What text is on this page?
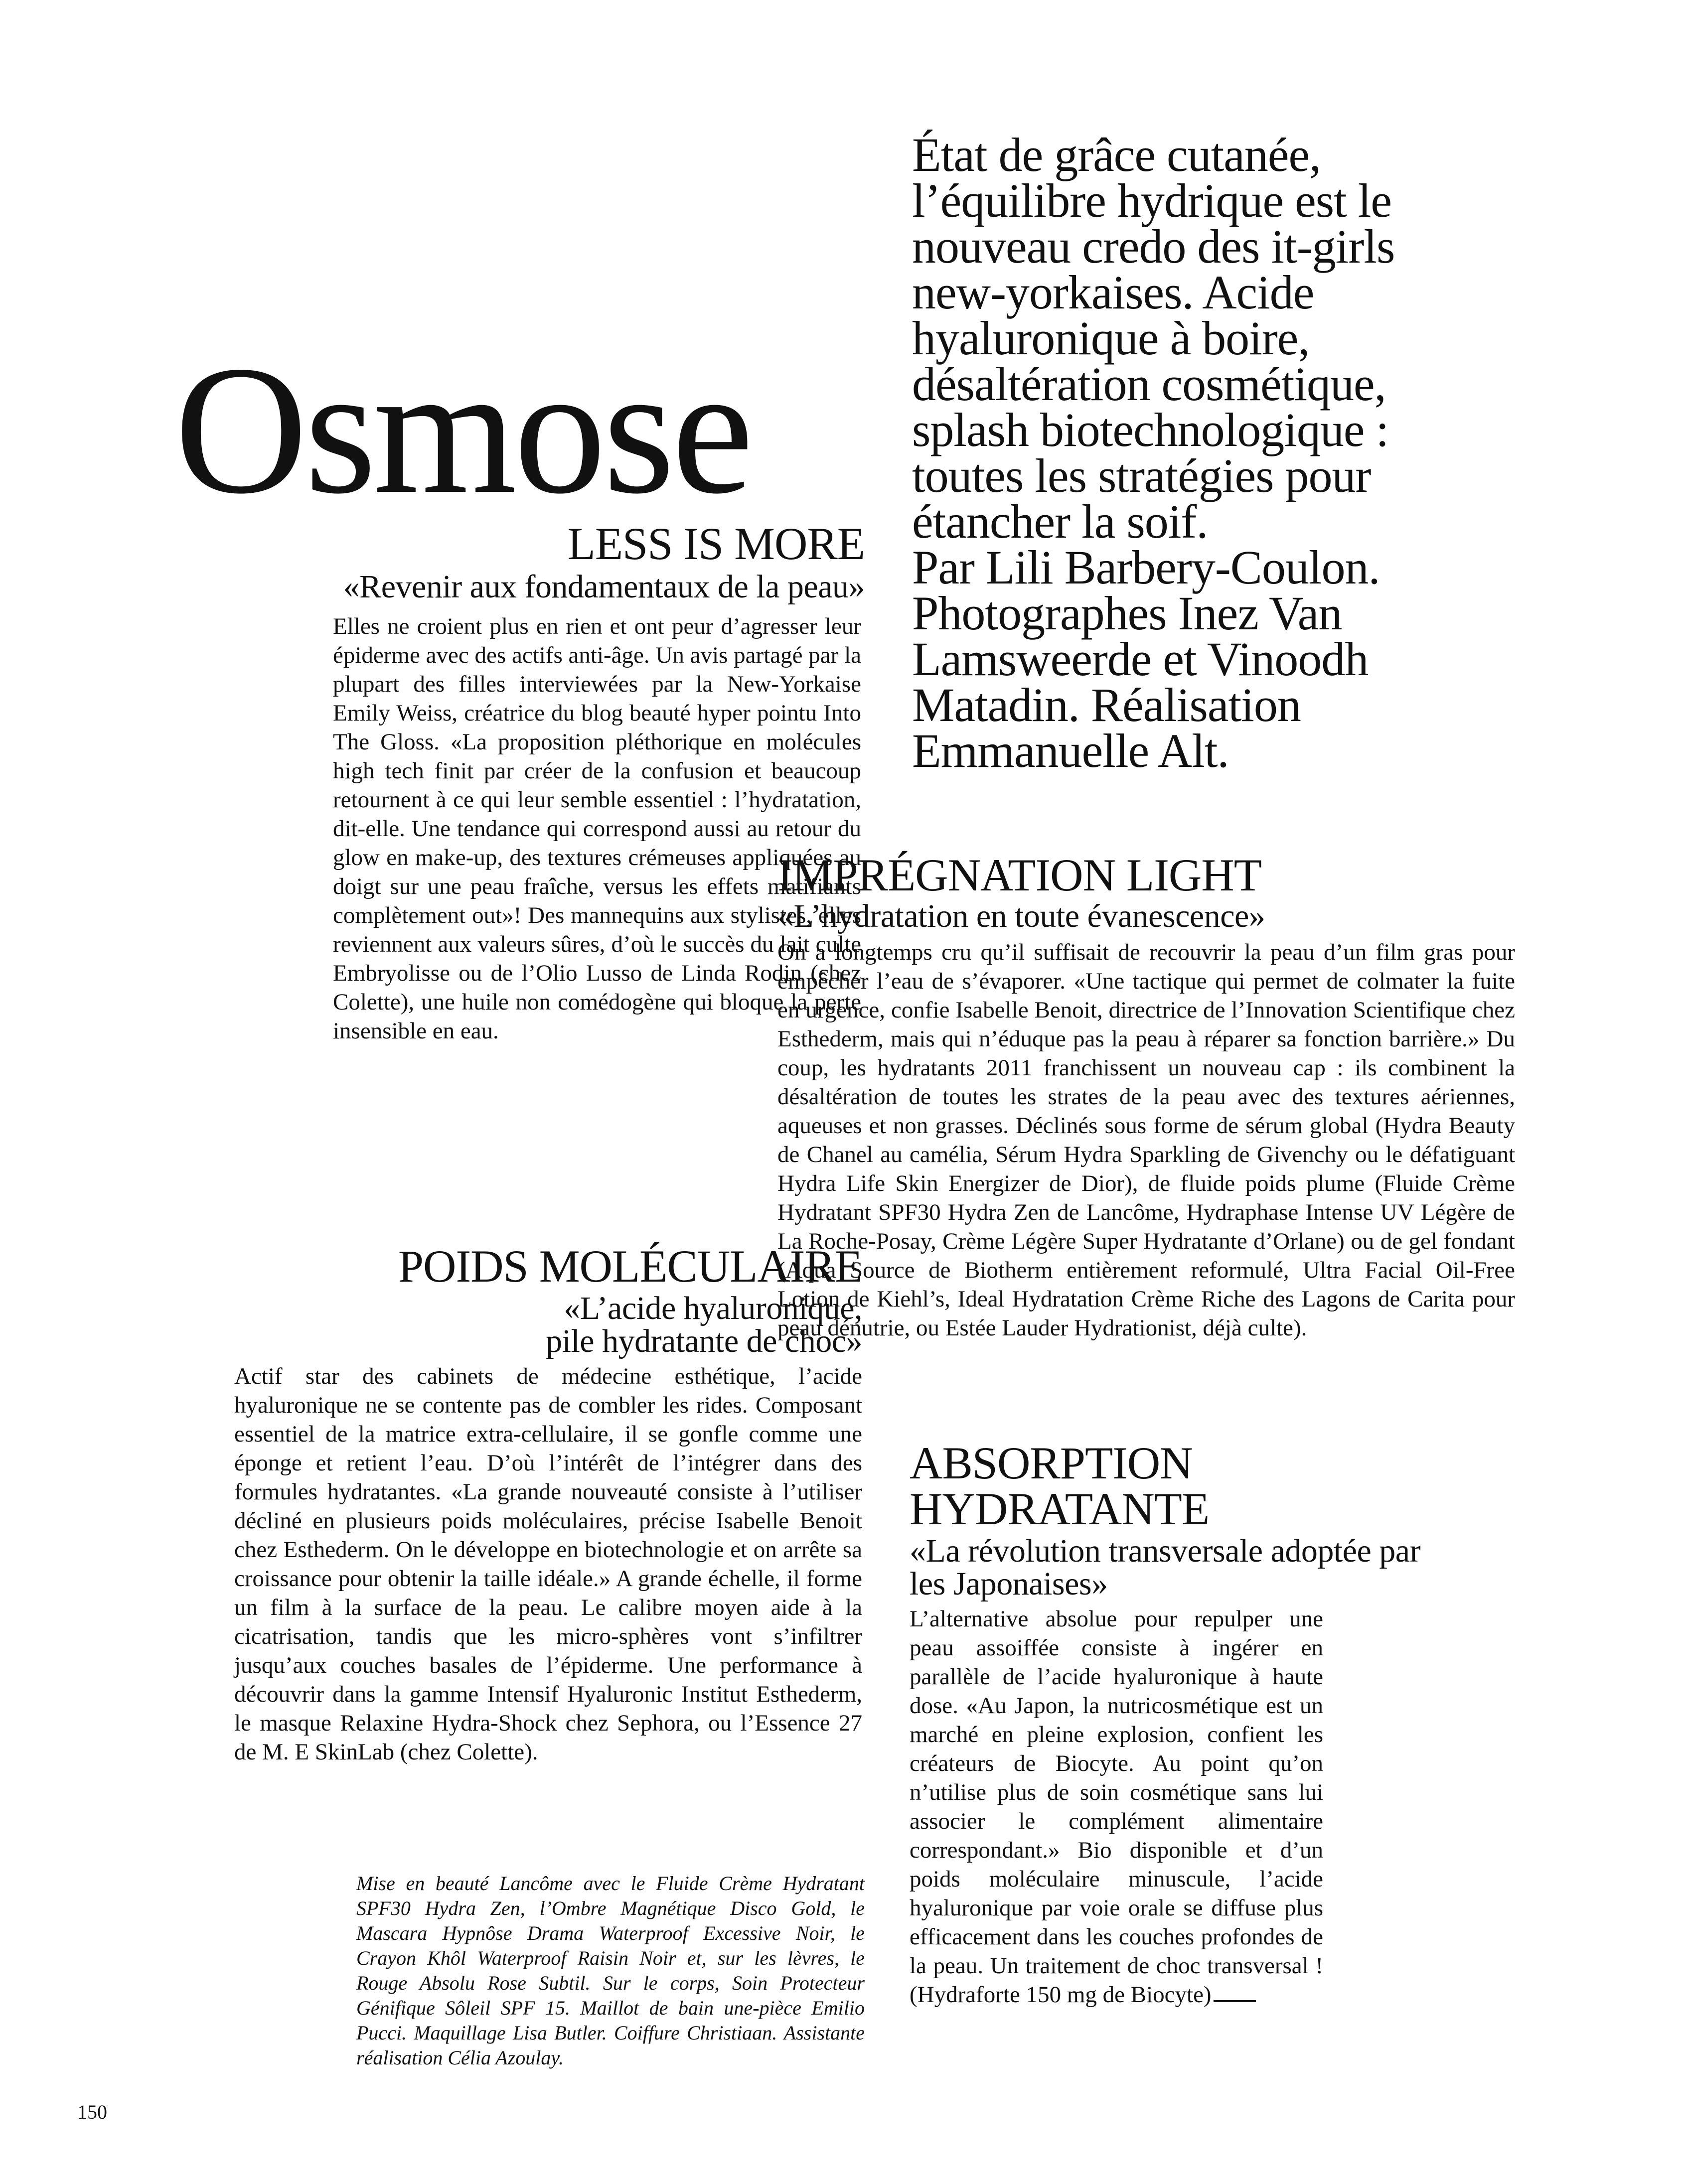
Osmose

État de grâce cutanée, l’équilibre hydrique est le nouveau credo des it-girls new-yorkaises. Acide hyaluronique à boire, désaltération cosmétique, splash biotechnologique : toutes les stratégies pour étancher la soif.

Par Lili Barbery-Coulon. Photographes Inez Van Lamsweerde et Vinoodh Matadin. Réalisation Emmanuelle Alt.

LESS IS MORE
«Revenir aux fondamentaux de la peau»

Elles ne croient plus en rien et ont peur d’agresser leur épiderme avec des actifs anti-âge. Un avis partagé par la plupart des filles interviewées par la New-Yorkaise Emily Weiss, créatrice du blog beauté hyper pointu Into The Gloss. «La proposition pléthorique en molécules high tech finit par créer de la confusion et beaucoup retournent à ce qui leur semble essentiel : l’hydratation, dit-elle. Une tendance qui correspond aussi au retour du glow en make-up, des textures crémeuses appliquées au doigt sur une peau fraîche, versus les effets matifiants complètement out»! Des mannequins aux stylistes, elles reviennent aux valeurs sûres, d’où le succès du lait culte Embryolisse ou de l’Olio Lusso de Linda Rodin (chez Colette), une huile non comédogène qui bloque la perte insensible en eau.

IMPRÉGNATION LIGHT
«L’hydratation en toute évanescence»
On a longtemps cru qu’il suffisait de recouvrir la peau d’un film gras pour empêcher l’eau de s’évaporer. «Une tactique qui permet de colmater la fuite en urgence, confie Isabelle Benoit, directrice de l’Innovation Scientifique chez Esthederm, mais qui n’éduque pas la peau à réparer sa fonction barrière.» Du coup, les hydratants 2011 franchissent un nouveau cap : ils combinent la désaltération de toutes les strates de la peau avec des textures aériennes, aqueuses et non grasses. Déclinés sous forme de sérum global (Hydra Beauty de Chanel au camélia, Sérum Hydra Sparkling de Givenchy ou le défatiguant Hydra Life Skin Energizer de Dior), de fluide poids plume (Fluide Crème Hydratant SPF30 Hydra Zen de Lancôme, Hydraphase Intense UV Légère de La Roche-Posay, Crème Légère Super Hydratante d’Orlane) ou de gel fondant (Aqua Source de Biotherm entièrement reformulé, Ultra Facial Oil-Free Lotion de Kiehl’s, Ideal Hydratation Crème Riche des Lagons de Carita pour peau dénutrie, ou Estée Lauder Hydrationist, déjà culte).
POIDS MOLÉCULAIRE
«L’acide hyaluronique,
pile hydratante de choc»
Actif star des cabinets de médecine esthétique, l’acide hyaluronique ne se contente pas de combler les rides. Composant essentiel de la matrice extra-cellulaire, il se gonfle comme une éponge et retient l’eau. D’où l’intérêt de l’intégrer dans des formules hydratantes. «La grande nouveauté consiste à l’utiliser décliné en plusieurs poids moléculaires, précise Isabelle Benoit chez Esthederm. On le développe en biotechnologie et on arrête sa croissance pour obtenir la taille idéale.» A grande échelle, il forme un film à la surface de la peau. Le calibre moyen aide à la cicatrisation, tandis que les micro-sphères vont s’infiltrer jusqu’aux couches basales de l’épiderme. Une performance à découvrir dans la gamme Intensif Hyaluronic Institut Esthederm, le masque Relaxine Hydra-Shock chez Sephora, ou l’Essence 27 de M. E SkinLab (chez Colette).
Mise en beauté Lancôme avec le Fluide Crème Hydratant SPF30 Hydra Zen, l’Ombre Magnétique Disco Gold, le Mascara Hypnôse Drama Waterproof Excessive Noir, le Crayon Khôl Waterproof Raisin Noir et, sur les lèvres, le Rouge Absolu Rose Subtil. Sur le corps, Soin Protecteur Génifique Sôleil SPF 15. Maillot de bain une-pièce Emilio Pucci. Maquillage Lisa Butler. Coiffure Christiaan. Assistante réalisation Célia Azoulay.
ABSORPTION
HYDRATANTE
«La révolution transversale adoptée par les Japonaises»
L’alternative absolue pour repulper une peau assoiffée consiste à ingérer en parallèle de l’acide hyaluronique à haute dose. «Au Japon, la nutricosmétique est un marché en pleine explosion, confient les créateurs de Biocyte. Au point qu’on n’utilise plus de soin cosmétique sans lui associer le complément alimentaire correspondant.» Bio disponible et d’un poids moléculaire minuscule, l’acide hyaluronique par voie orale se diffuse plus efficacement dans les couches profondes de la peau. Un traitement de choc transversal ! (Hydraforte 150 mg de Biocyte)
150
